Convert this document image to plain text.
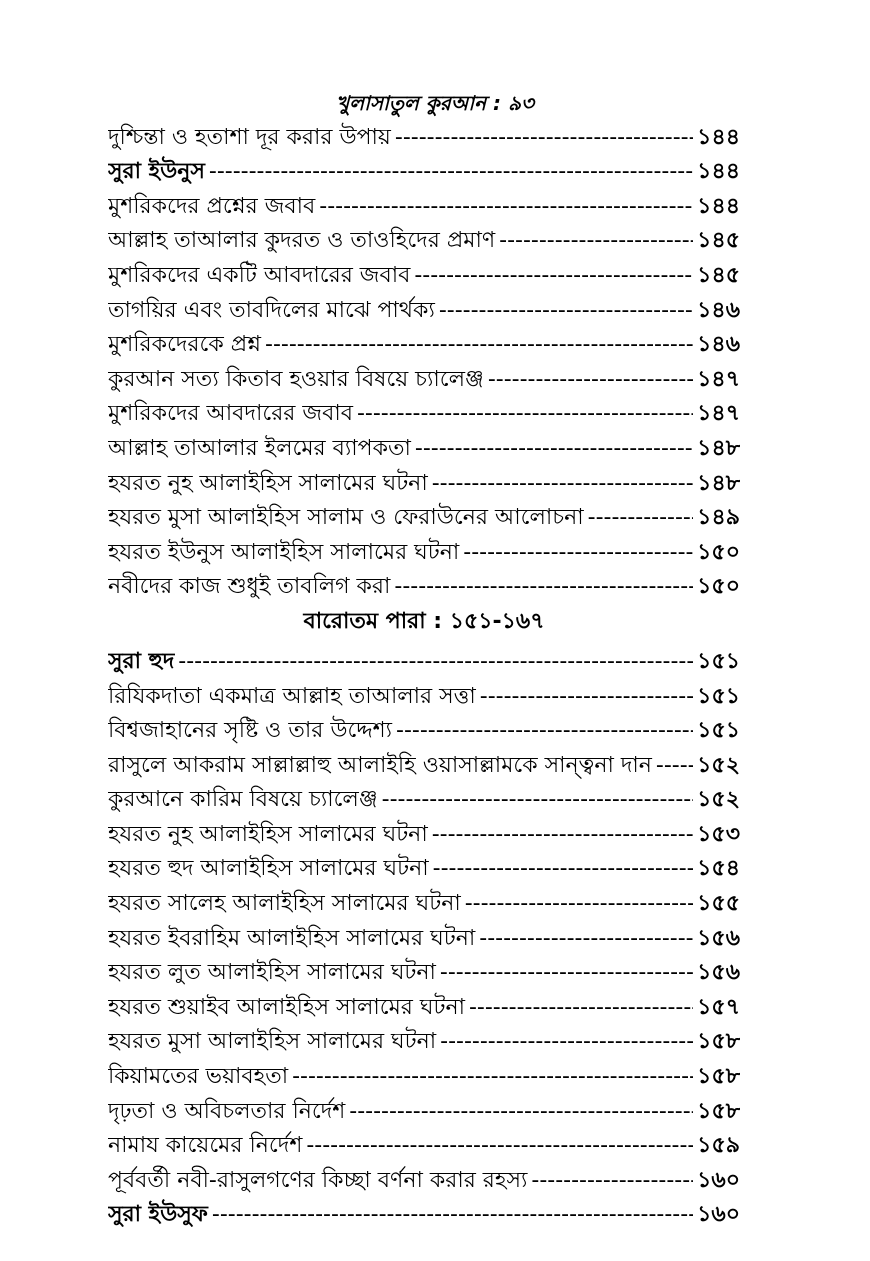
খুলাসাতুল কুরআন : ৯৩
দুশ্চিন্তা ও হতাশা দূর করার উপায় -----	১৪৪
সুরা ইউনুস -----	১৪৪
মুশরিকদের প্রশ্নের জবাব -----	১৪৪
আল্লাহ তাআলার কুদরত ও তাওহিদের প্রমাণ -----	১৪৫
মুশরিকদের একটি আবদারের জবাব -----	১৪৫
তাগয়ির এবং তাবদিলের মাঝে পার্থক্য -----	১৪৬
মুশরিকদেরকে প্রশ্ন -----	১৪৬
কুরআন সত্য কিতাব হওয়ার বিষয়ে চ্যালেঞ্জ -----	১৪৭
মুশরিকদের আবদারের জবাব -----	১৪৭
আল্লাহ তাআলার ইলমের ব্যাপকতা -----	১৪৮
হযরত নুহ আলাইহিস সালামের ঘটনা -----	১৪৮
হযরত মুসা আলাইহিস সালাম ও ফেরাউনের আলোচনা -----	১৪৯
হযরত ইউনুস আলাইহিস সালামের ঘটনা -----	১৫০
নবীদের কাজ শুধুই তাবলিগ করা -----	১৫০
বারোতম পারা : ১৫১-১৬৭
সুরা হুদ -----	১৫১
রিযিকদাতা একমাত্র আল্লাহ তাআলার সত্তা -----	১৫১
বিশ্বজাহানের সৃষ্টি ও তার উদ্দেশ্য -----	১৫১
রাসুলে আকরাম সাল্লাল্লাহু আলাইহি ওয়াসাল্লামকে সান্ত্বনা দান ----- ১৫২
কুরআনে কারিম বিষয়ে চ্যালেঞ্জ -----	১৫২
হযরত নুহ আলাইহিস সালামের ঘটনা -----	১৫৩
হযরত হুদ আলাইহিস সালামের ঘটনা -----	১৫৪
হযরত সালেহ আলাইহিস সালামের ঘটনা -----	১৫৫
হযরত ইবরাহিম আলাইহিস সালামের ঘটনা -----	১৫৬
হযরত লুত আলাইহিস সালামের ঘটনা -----	১৫৬
হযরত শুয়াইব আলাইহিস সালামের ঘটনা -----	১৫৭
হযরত মুসা আলাইহিস সালামের ঘটনা -----	১৫৮
কিয়ামতের ভয়াবহতা -----	১৫৮
দৃঢ়তা ও অবিচলতার নির্দেশ -----	১৫৮
নামায কায়েমের নির্দেশ -----	১৫৯
পূর্ববর্তী নবী-রাসুলগণের কিচ্ছা বর্ণনা করার রহস্য -----	১৬০
সুরা ইউসুফ -----	১৬০
